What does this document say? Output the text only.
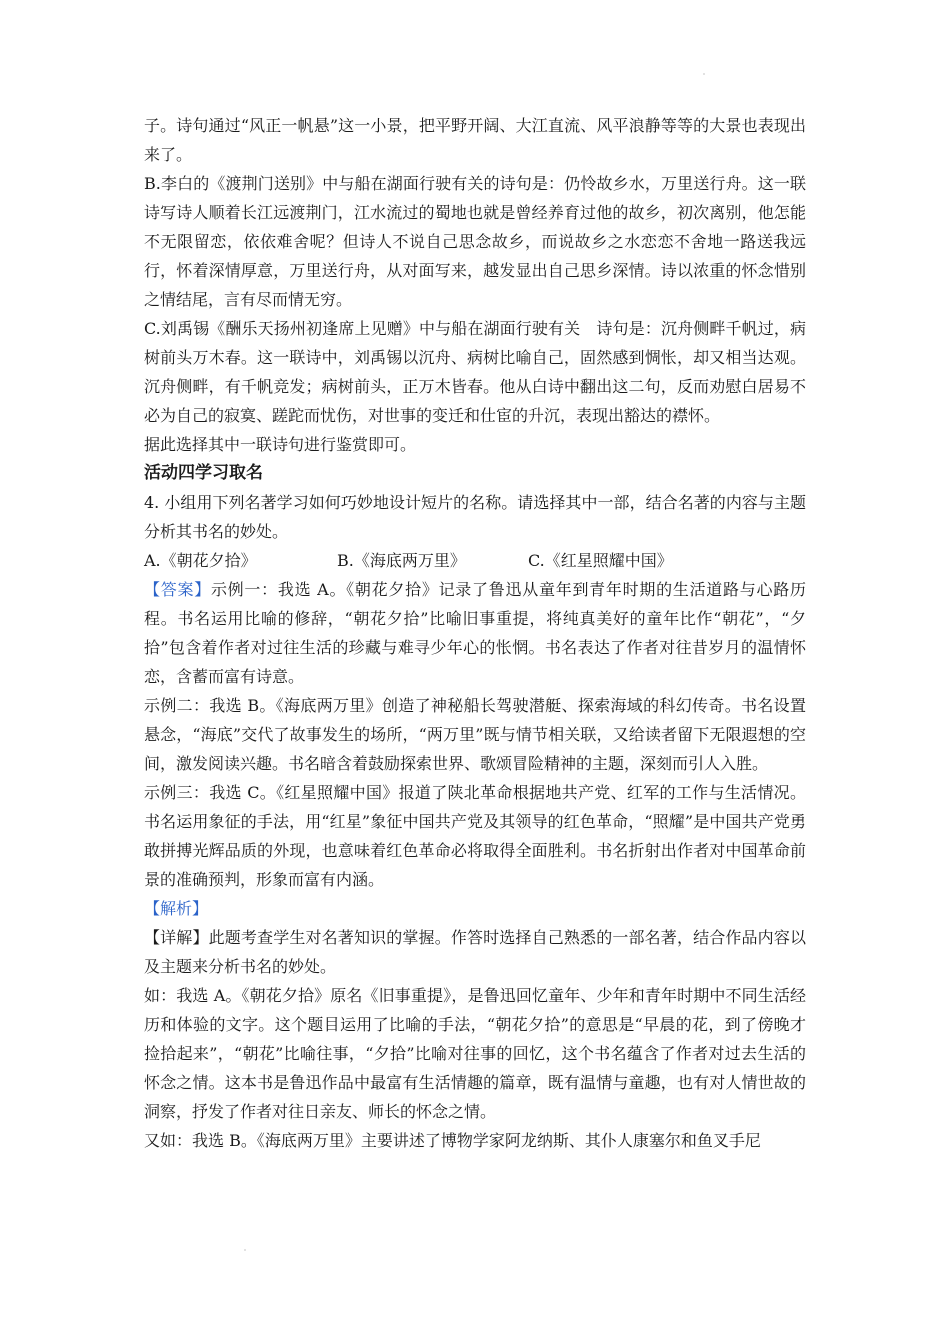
子。诗句通过“风正一帆悬”这一小景，把平野开阔、大江直流、风平浪静等等的大景也表现出来了。

B.李白的《渡荆门送别》中与船在湖面行驶有关的诗句是：仍怜故乡水，万里送行舟。这一联诗写诗人顺着长江远渡荆门，江水流过的蜀地也就是曾经养育过他的故乡，初次离别，他怎能不无限留恋，依依难舍呢？但诗人不说自己思念故乡，而说故乡之水恋恋不舍地一路送我远行，怀着深情厚意，万里送行舟，从对面写来，越发显出自己思乡深情。诗以浓重的怀念惜别之情结尾，言有尽而情无穷。

C.刘禹锡《酬乐天扬州初逢席上见赠》中与船在湖面行驶有关　诗句是：沉舟侧畔千帆过，病树前头万木春。这一联诗中，刘禹锡以沉舟、病树比喻自己，固然感到惆怅，却又相当达观。沉舟侧畔，有千帆竞发；病树前头，正万木皆春。他从白诗中翻出这二句，反而劝慰白居易不必为自己的寂寞、蹉跎而忧伤，对世事的变迁和仕宦的升沉，表现出豁达的襟怀。

据此选择其中一联诗句进行鉴赏即可。

活动四学习取名

4. 小组用下列名著学习如何巧妙地设计短片的名称。请选择其中一部，结合名著的内容与主题分析其书名的妙处。

A.《朝花夕拾》	B.《海底两万里》	C.《红星照耀中国》

【答案】示例一：我选 A。《朝花夕拾》记录了鲁迅从童年到青年时期的生活道路与心路历程。书名运用比喻的修辞，“朝花夕拾”比喻旧事重提，将纯真美好的童年比作“朝花”，“夕拾”包含着作者对过往生活的珍藏与难寻少年心的怅惘。书名表达了作者对往昔岁月的温情怀恋，含蓄而富有诗意。

示例二：我选 B。《海底两万里》创造了神秘船长驾驶潜艇、探索海域的科幻传奇。书名设置悬念，“海底”交代了故事发生的场所，“两万里”既与情节相关联，又给读者留下无限遐想的空间，激发阅读兴趣。书名暗含着鼓励探索世界、歌颂冒险精神的主题，深刻而引人入胜。

示例三：我选 C。《红星照耀中国》报道了陕北革命根据地共产党、红军的工作与生活情况。书名运用象征的手法，用“红星”象征中国共产党及其领导的红色革命，“照耀”是中国共产党勇敢拼搏光辉品质的外现，也意味着红色革命必将取得全面胜利。书名折射出作者对中国革命前景的准确预判，形象而富有内涵。

【解析】

【详解】此题考查学生对名著知识的掌握。作答时选择自己熟悉的一部名著，结合作品内容以及主题来分析书名的妙处。

如：我选 A。《朝花夕拾》原名《旧事重提》，是鲁迅回忆童年、少年和青年时期中不同生活经历和体验的文字。这个题目运用了比喻的手法，“朝花夕拾”的意思是“早晨的花，到了傍晚才捡拾起来”，“朝花”比喻往事，“夕拾”比喻对往事的回忆，这个书名蕴含了作者对过去生活的怀念之情。这本书是鲁迅作品中最富有生活情趣的篇章，既有温情与童趣，也有对人情世故的洞察，抒发了作者对往日亲友、师长的怀念之情。

又如：我选 B。《海底两万里》主要讲述了博物学家阿龙纳斯、其仆人康塞尔和鱼叉手尼
